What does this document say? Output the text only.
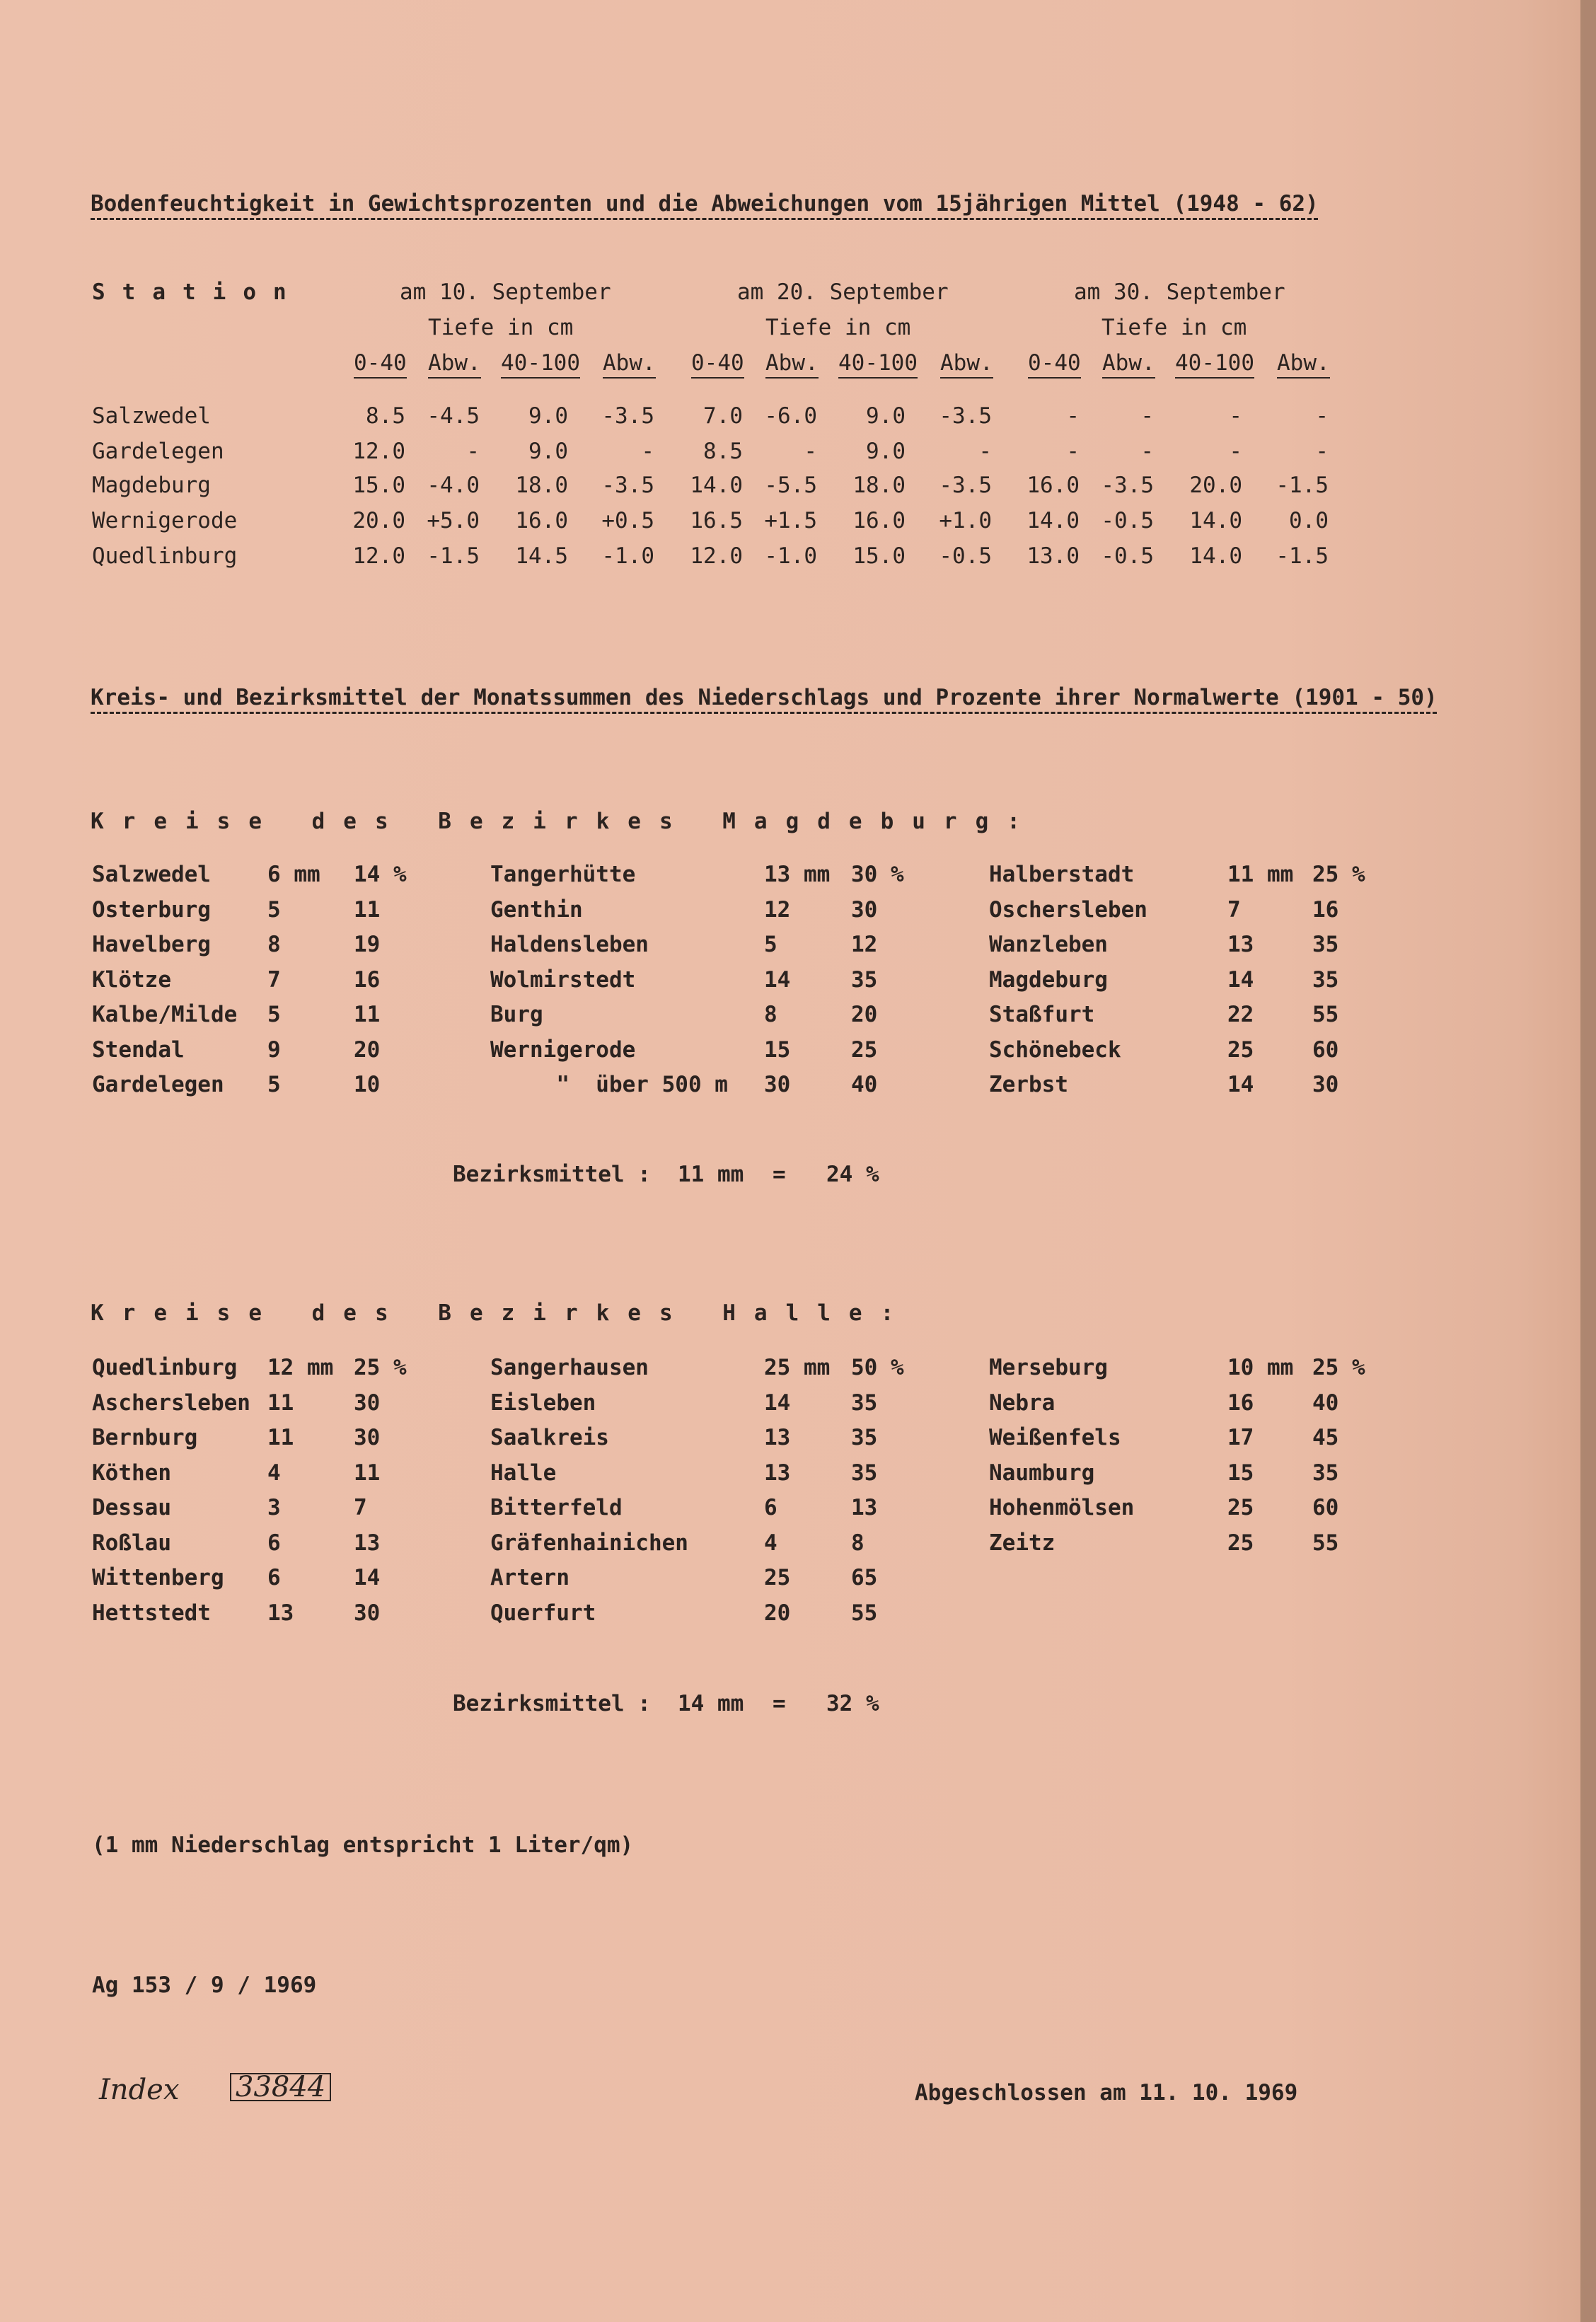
Bodenfeuchtigkeit in Gewichtsprozenten und die Abweichungen vom 15jährigen Mittel (1948 - 62)
Station	am 10. September	am 20. September	am 30. September
Tiefe in cm	Tiefe in cm	Tiefe in cm
0-40 Abw. 40-100 Abw. 0-40 Abw. 40-100 Abw. 0-40 Abw. 40-100 Abw.
Salzwedel	8.5 -4.5	9.0	-3.5	7.0 -6.0	9.0	-3.5	-	-	-	-
Gardelegen	12.0	-	9.0	-	8.5	-	9.0	-	-	-	-	-
Magdeburg	15.0 -4.0	18.0	-3.5	14.0 -5.5	18.0	-3.5	16.0 -3.5	20.0	-1.5
Wernigerode	20.0 +5.0	16.0	+0.5	16.5 +1.5	16.0	+1.0	14.0 -0.5	14.0	0.0
Quedlinburg	12.0 -1.5	14.5	-1.0	12.0 -1.0	15.0	-0.5	13.0 -0.5	14.0	-1.5
Kreis- und Bezirksmittel der Monatssummen des Niederschlags und Prozente ihrer Normalwerte (1901 - 50)
Kreise des Bezirkes Magdeburg:
Salzwedel	6 mm 14 %
Osterburg	5	11
Havelberg	8	19
Klötze	7	16
Kalbe/Milde 5	11
Stendal	9	20
Gardelegen 5	10
Tangerhütte	13 mm 30 %
Genthin	12	30
Haldensleben	5	12
Wolmirstedt	14	35
Burg	8	20
Wernigerode	15	25
"  über 500 m 30	40
Halberstadt	11 mm 25 %
Oschersleben	7	16
Wanzleben	13	35
Magdeburg	14	35
Staßfurt	22	55
Schönebeck	25	60
Zerbst	14	30
Bezirksmittel : 11 mm = 24 %
Kreise des Bezirkes Halle:
Quedlinburg 12 mm 25 %
Aschersleben 11	30
Bernburg	11	30
Köthen	4	11
Dessau	3	7
Roßlau	6	13
Wittenberg 6	14
Hettstedt	13	30
Sangerhausen	25 mm 50 %
Eisleben	14	35
Saalkreis	13	35
Halle	13	35
Bitterfeld	6	13
Gräfenhainichen	4	8
Artern	25	65
Querfurt	20	55
Merseburg	10 mm 25 %
Nebra	16	40
Weißenfels	17	45
Naumburg	15	35
Hohenmölsen	25	60
Zeitz	25	55
Bezirksmittel : 14 mm = 32 %
(1 mm Niederschlag entspricht 1 Liter/qm)
Ag 153 / 9 / 1969
Index 33844	Abgeschlossen am 11. 10. 1969
